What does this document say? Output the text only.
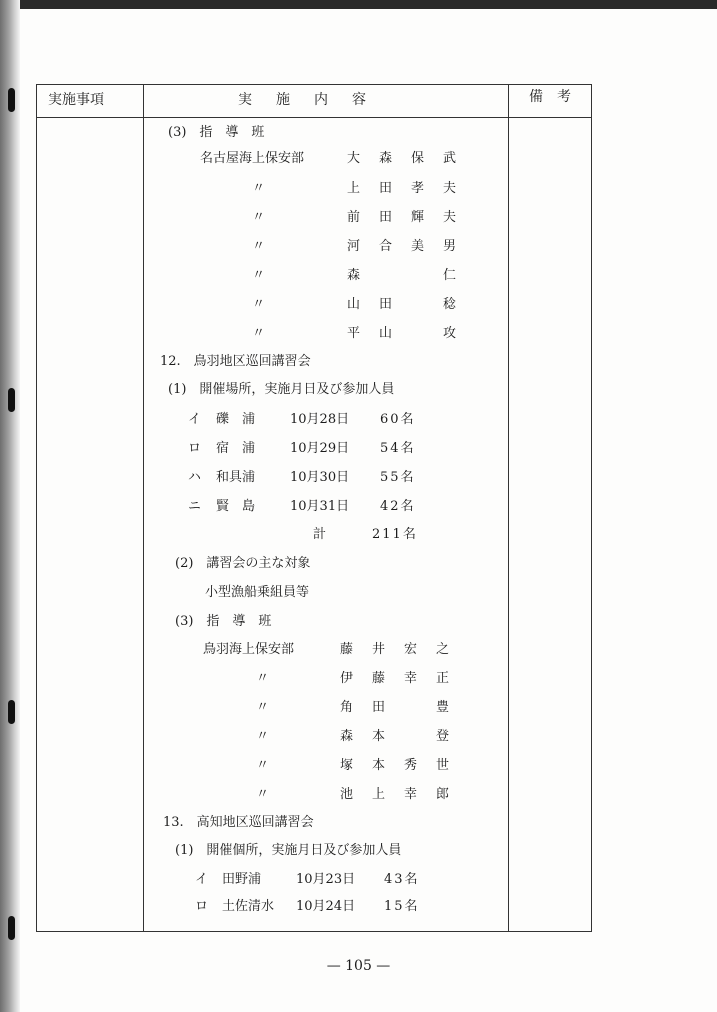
実施事項	実　施　内　容	備　考
(3)　指　導　班
名古屋海上保安部	大　森　保　武
〃	上　田　孝　夫
〃	前　田　輝　夫
〃	河　合　美　男
〃	森　　　　　仁
〃	山　田　　　稔
〃	平　山　　　攻
12.　鳥羽地区巡回講習会
(1)　開催場所，実施月日及び参加人員
イ 礫　浦	10月28日 60名
ロ 宿　浦	10月29日 54名
ハ 和具浦	10月30日 55名
ニ 賢　島	10月31日 42名
計	211名
(2)　講習会の主な対象
小型漁船乗組員等
(3)　指　導　班
鳥羽海上保安部	藤　井　宏　之
〃	伊　藤　幸　正
〃	角　田　　　豊
〃	森　本　　　登
〃	塚　本　秀　世
〃	池　上　幸　郎
13.　高知地区巡回講習会
(1)　開催個所，実施月日及び参加人員
イ 田野浦	10月23日 43名
ロ 土佐清水 10月24日 15名
— 105 —
